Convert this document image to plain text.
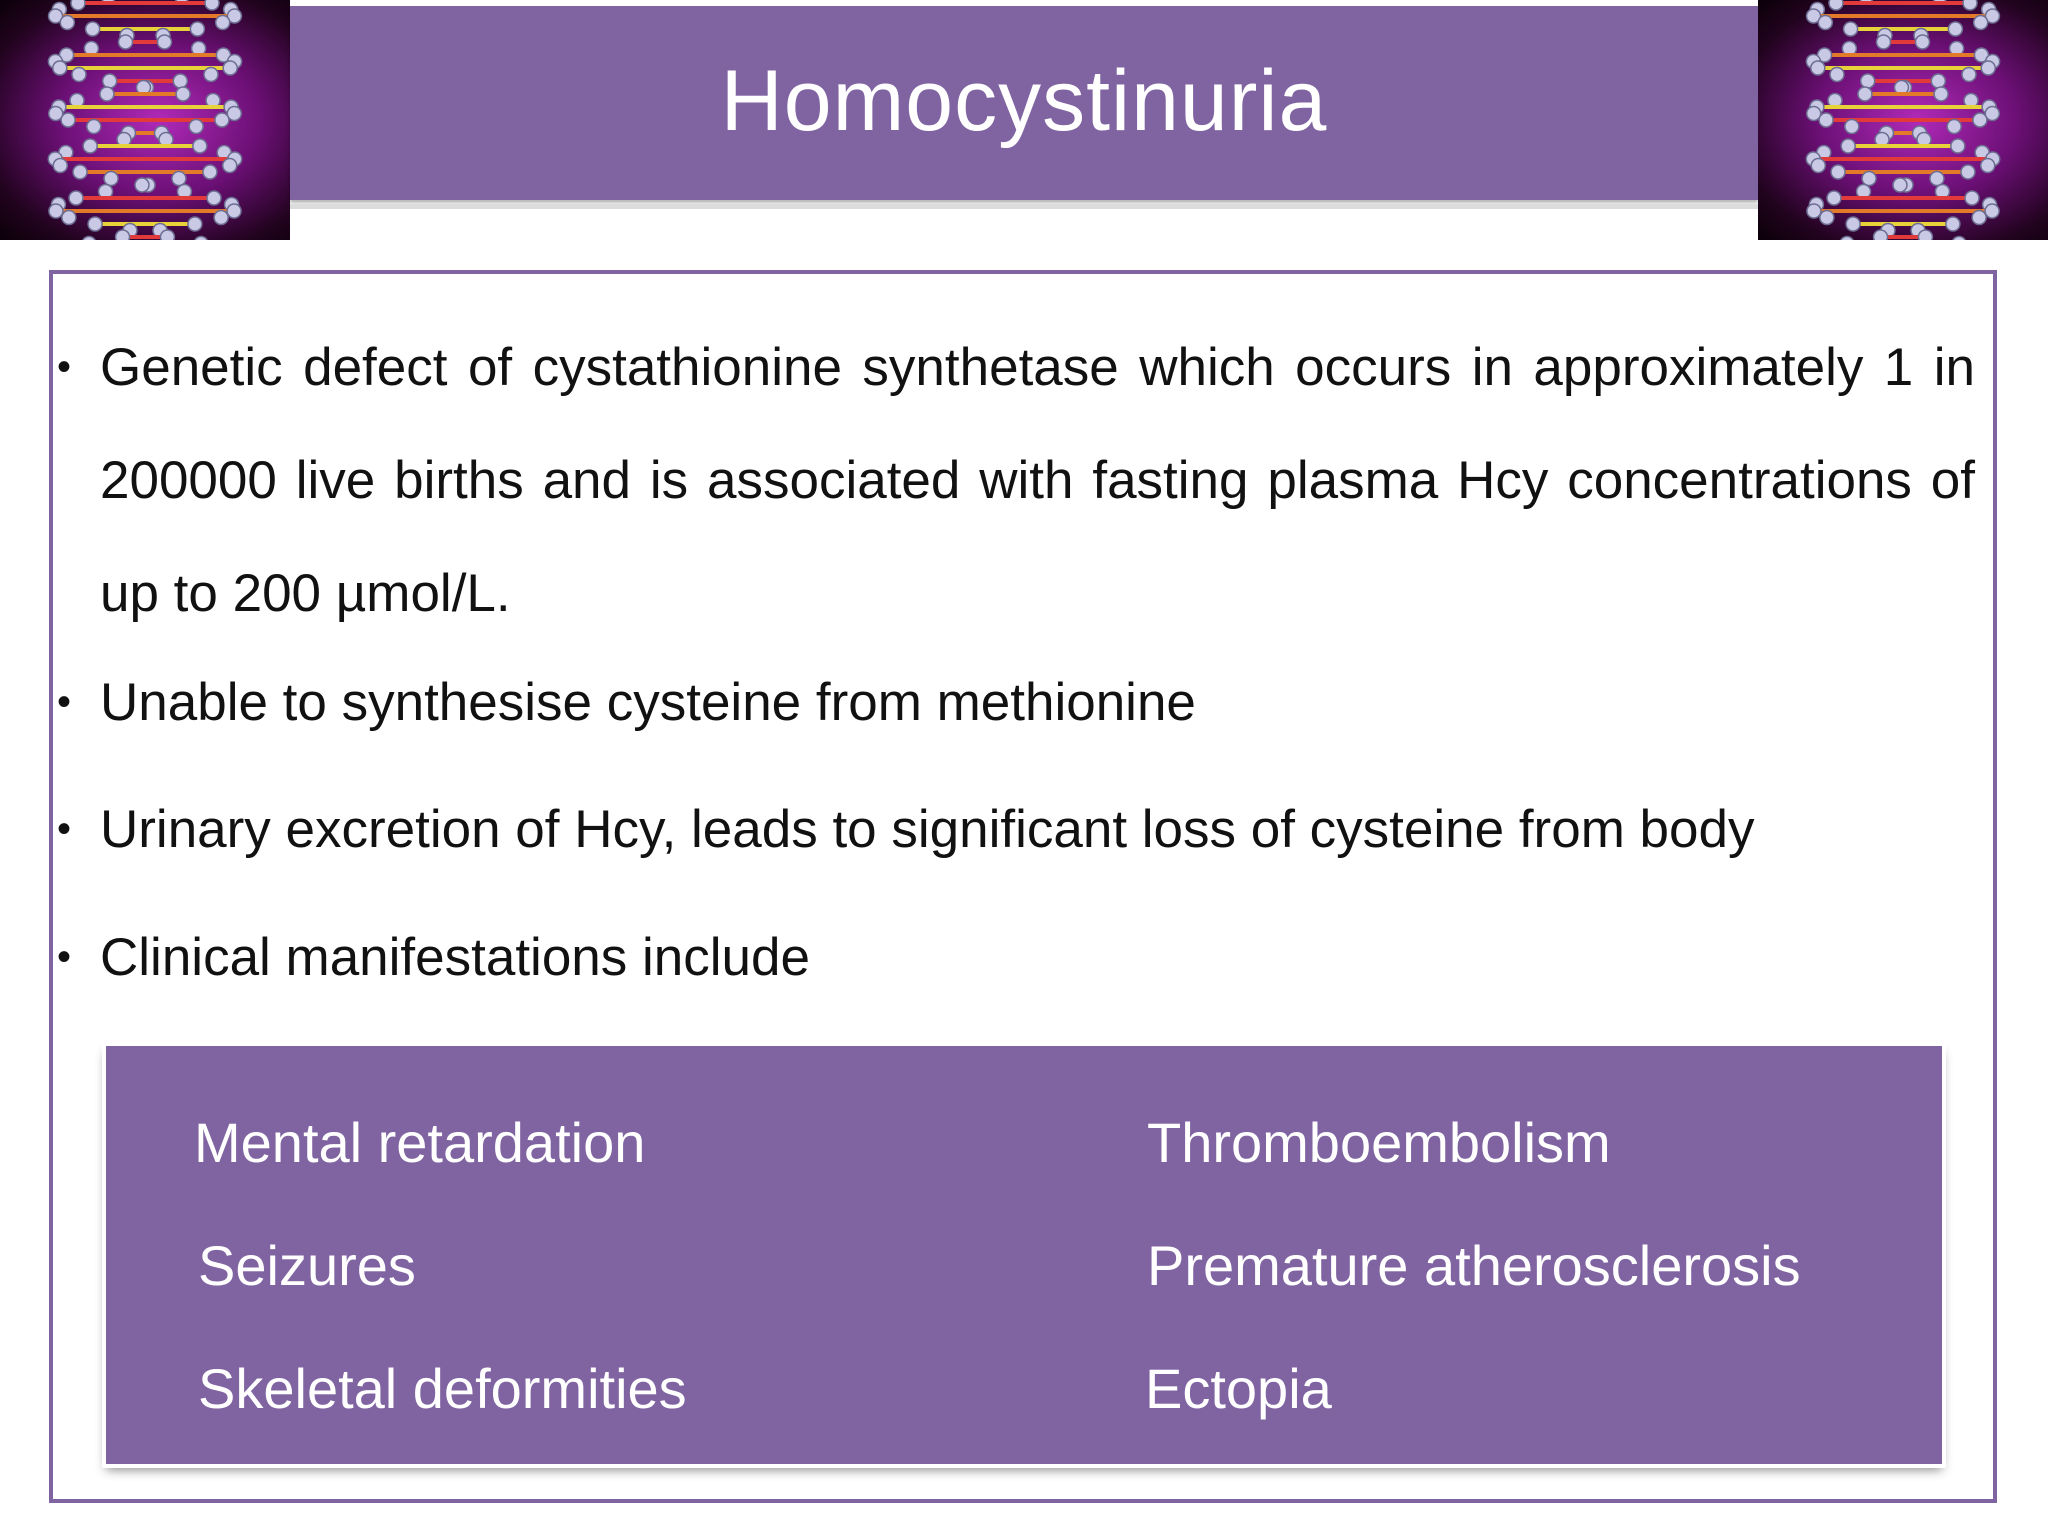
Homocystinuria
• Genetic defect of cystathionine synthetase which occurs in approximately 1 in 200000 live births and is associated with fasting plasma Hcy concentrations of up to 200 µmol/L.
• Unable to synthesise cysteine from methionine
• Urinary excretion of Hcy, leads to significant loss of cysteine from body
• Clinical manifestations include
Mental retardation
Seizures
Skeletal deformities
Thromboembolism
Premature atherosclerosis
Ectopia
